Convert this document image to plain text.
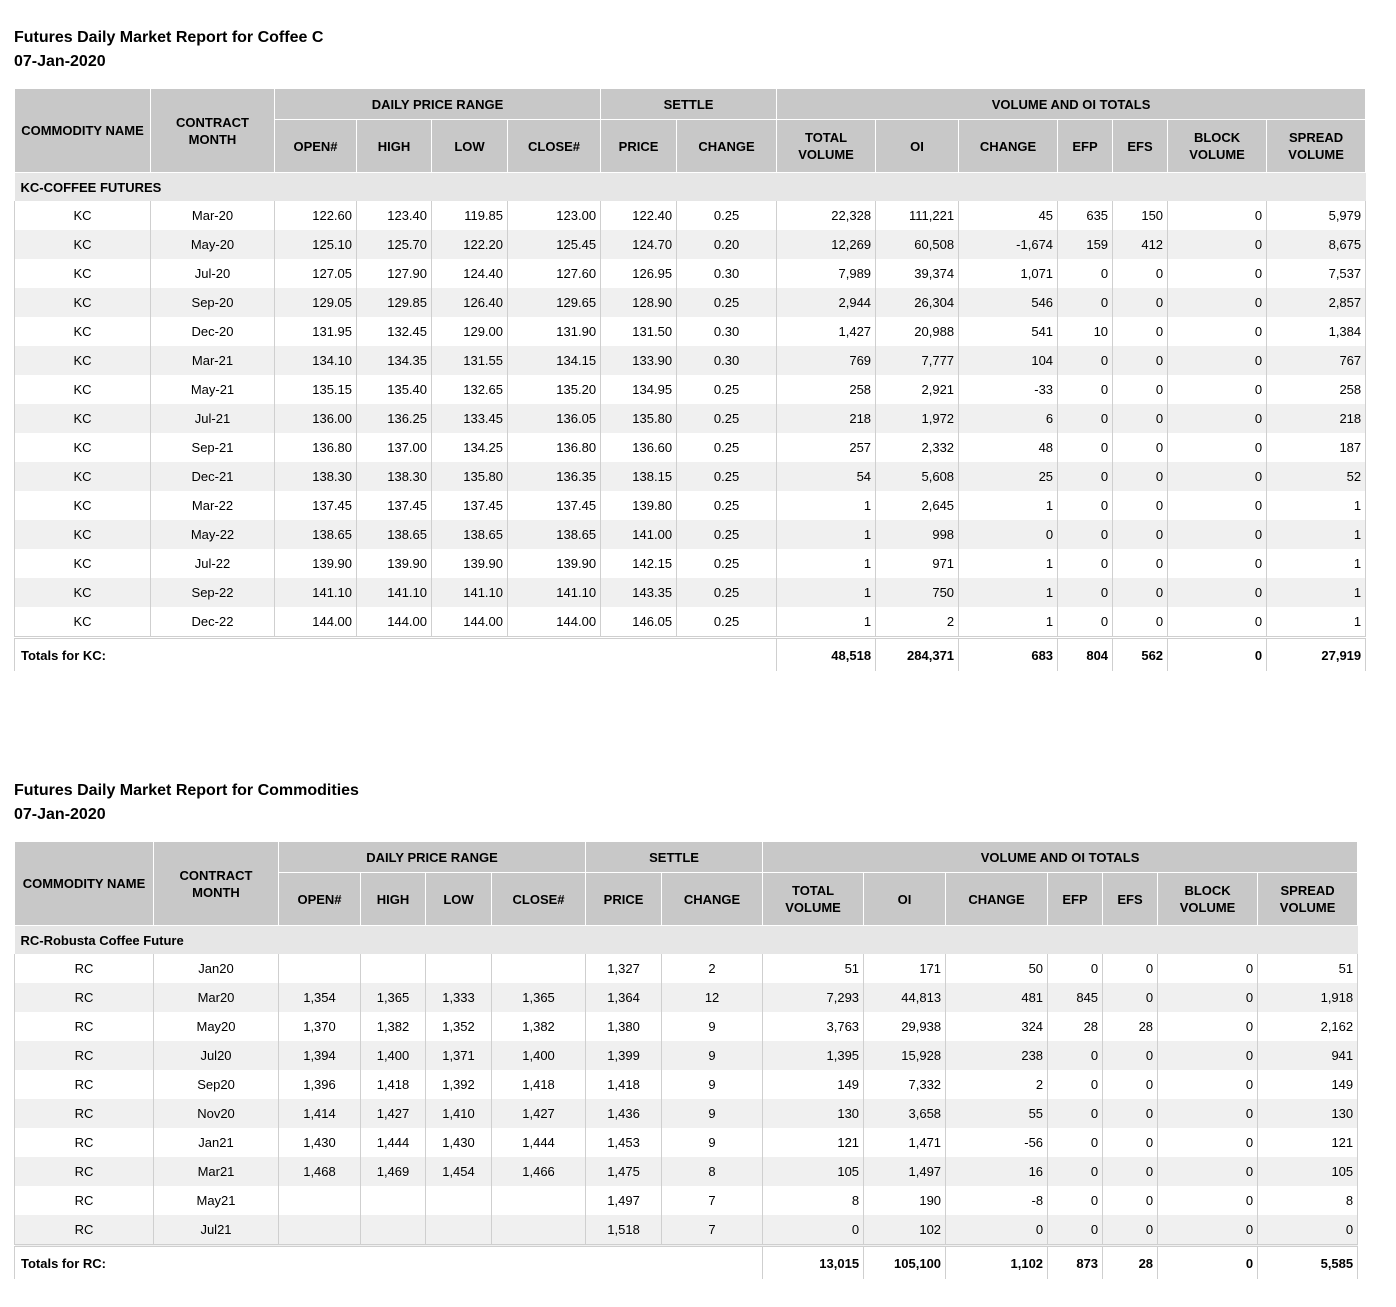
Futures Daily Market Report for Coffee C

07-Jan-2020

COMMODITY NAME	CONTRACT MONTH	DAILY PRICE RANGE				SETTLE		VOLUME AND OI TOTALS						
		OPEN#	HIGH	LOW	CLOSE#	PRICE	CHANGE	TOTAL VOLUME	OI	CHANGE	EFP	EFS	BLOCK VOLUME	SPREAD VOLUME
KC-COFFEE FUTURES														
KC	Mar-20	122.60	123.40	119.85	123.00	122.40	0.25	22,328	111,221	45	635	150	0	5,979
KC	May-20	125.10	125.70	122.20	125.45	124.70	0.20	12,269	60,508	-1,674	159	412	0	8,675
KC	Jul-20	127.05	127.90	124.40	127.60	126.95	0.30	7,989	39,374	1,071	0	0	0	7,537
KC	Sep-20	129.05	129.85	126.40	129.65	128.90	0.25	2,944	26,304	546	0	0	0	2,857
KC	Dec-20	131.95	132.45	129.00	131.90	131.50	0.30	1,427	20,988	541	10	0	0	1,384
KC	Mar-21	134.10	134.35	131.55	134.15	133.90	0.30	769	7,777	104	0	0	0	767
KC	May-21	135.15	135.40	132.65	135.20	134.95	0.25	258	2,921	-33	0	0	0	258
KC	Jul-21	136.00	136.25	133.45	136.05	135.80	0.25	218	1,972	6	0	0	0	218
KC	Sep-21	136.80	137.00	134.25	136.80	136.60	0.25	257	2,332	48	0	0	0	187
KC	Dec-21	138.30	138.30	135.80	136.35	138.15	0.25	54	5,608	25	0	0	0	52
KC	Mar-22	137.45	137.45	137.45	137.45	139.80	0.25	1	2,645	1	0	0	0	1
KC	May-22	138.65	138.65	138.65	138.65	141.00	0.25	1	998	0	0	0	0	1
KC	Jul-22	139.90	139.90	139.90	139.90	142.15	0.25	1	971	1	0	0	0	1
KC	Sep-22	141.10	141.10	141.10	141.10	143.35	0.25	1	750	1	0	0	0	1
KC	Dec-22	144.00	144.00	144.00	144.00	146.05	0.25	1	2	1	0	0	0	1
Totals for KC:								48,518	284,371	683	804	562	0	27,919

Futures Daily Market Report for Commodities

07-Jan-2020

COMMODITY NAME	CONTRACT MONTH	DAILY PRICE RANGE				SETTLE		VOLUME AND OI TOTALS						
		OPEN#	HIGH	LOW	CLOSE#	PRICE	CHANGE	TOTAL VOLUME	OI	CHANGE	EFP	EFS	BLOCK VOLUME	SPREAD VOLUME
RC-Robusta Coffee Future														
RC	Jan20					1,327	2	51	171	50	0	0	0	51
RC	Mar20	1,354	1,365	1,333	1,365	1,364	12	7,293	44,813	481	845	0	0	1,918
RC	May20	1,370	1,382	1,352	1,382	1,380	9	3,763	29,938	324	28	28	0	2,162
RC	Jul20	1,394	1,400	1,371	1,400	1,399	9	1,395	15,928	238	0	0	0	941
RC	Sep20	1,396	1,418	1,392	1,418	1,418	9	149	7,332	2	0	0	0	149
RC	Nov20	1,414	1,427	1,410	1,427	1,436	9	130	3,658	55	0	0	0	130
RC	Jan21	1,430	1,444	1,430	1,444	1,453	9	121	1,471	-56	0	0	0	121
RC	Mar21	1,468	1,469	1,454	1,466	1,475	8	105	1,497	16	0	0	0	105
RC	May21					1,497	7	8	190	-8	0	0	0	8
RC	Jul21					1,518	7	0	102	0	0	0	0	0
Totals for RC:								13,015	105,100	1,102	873	28	0	5,585
